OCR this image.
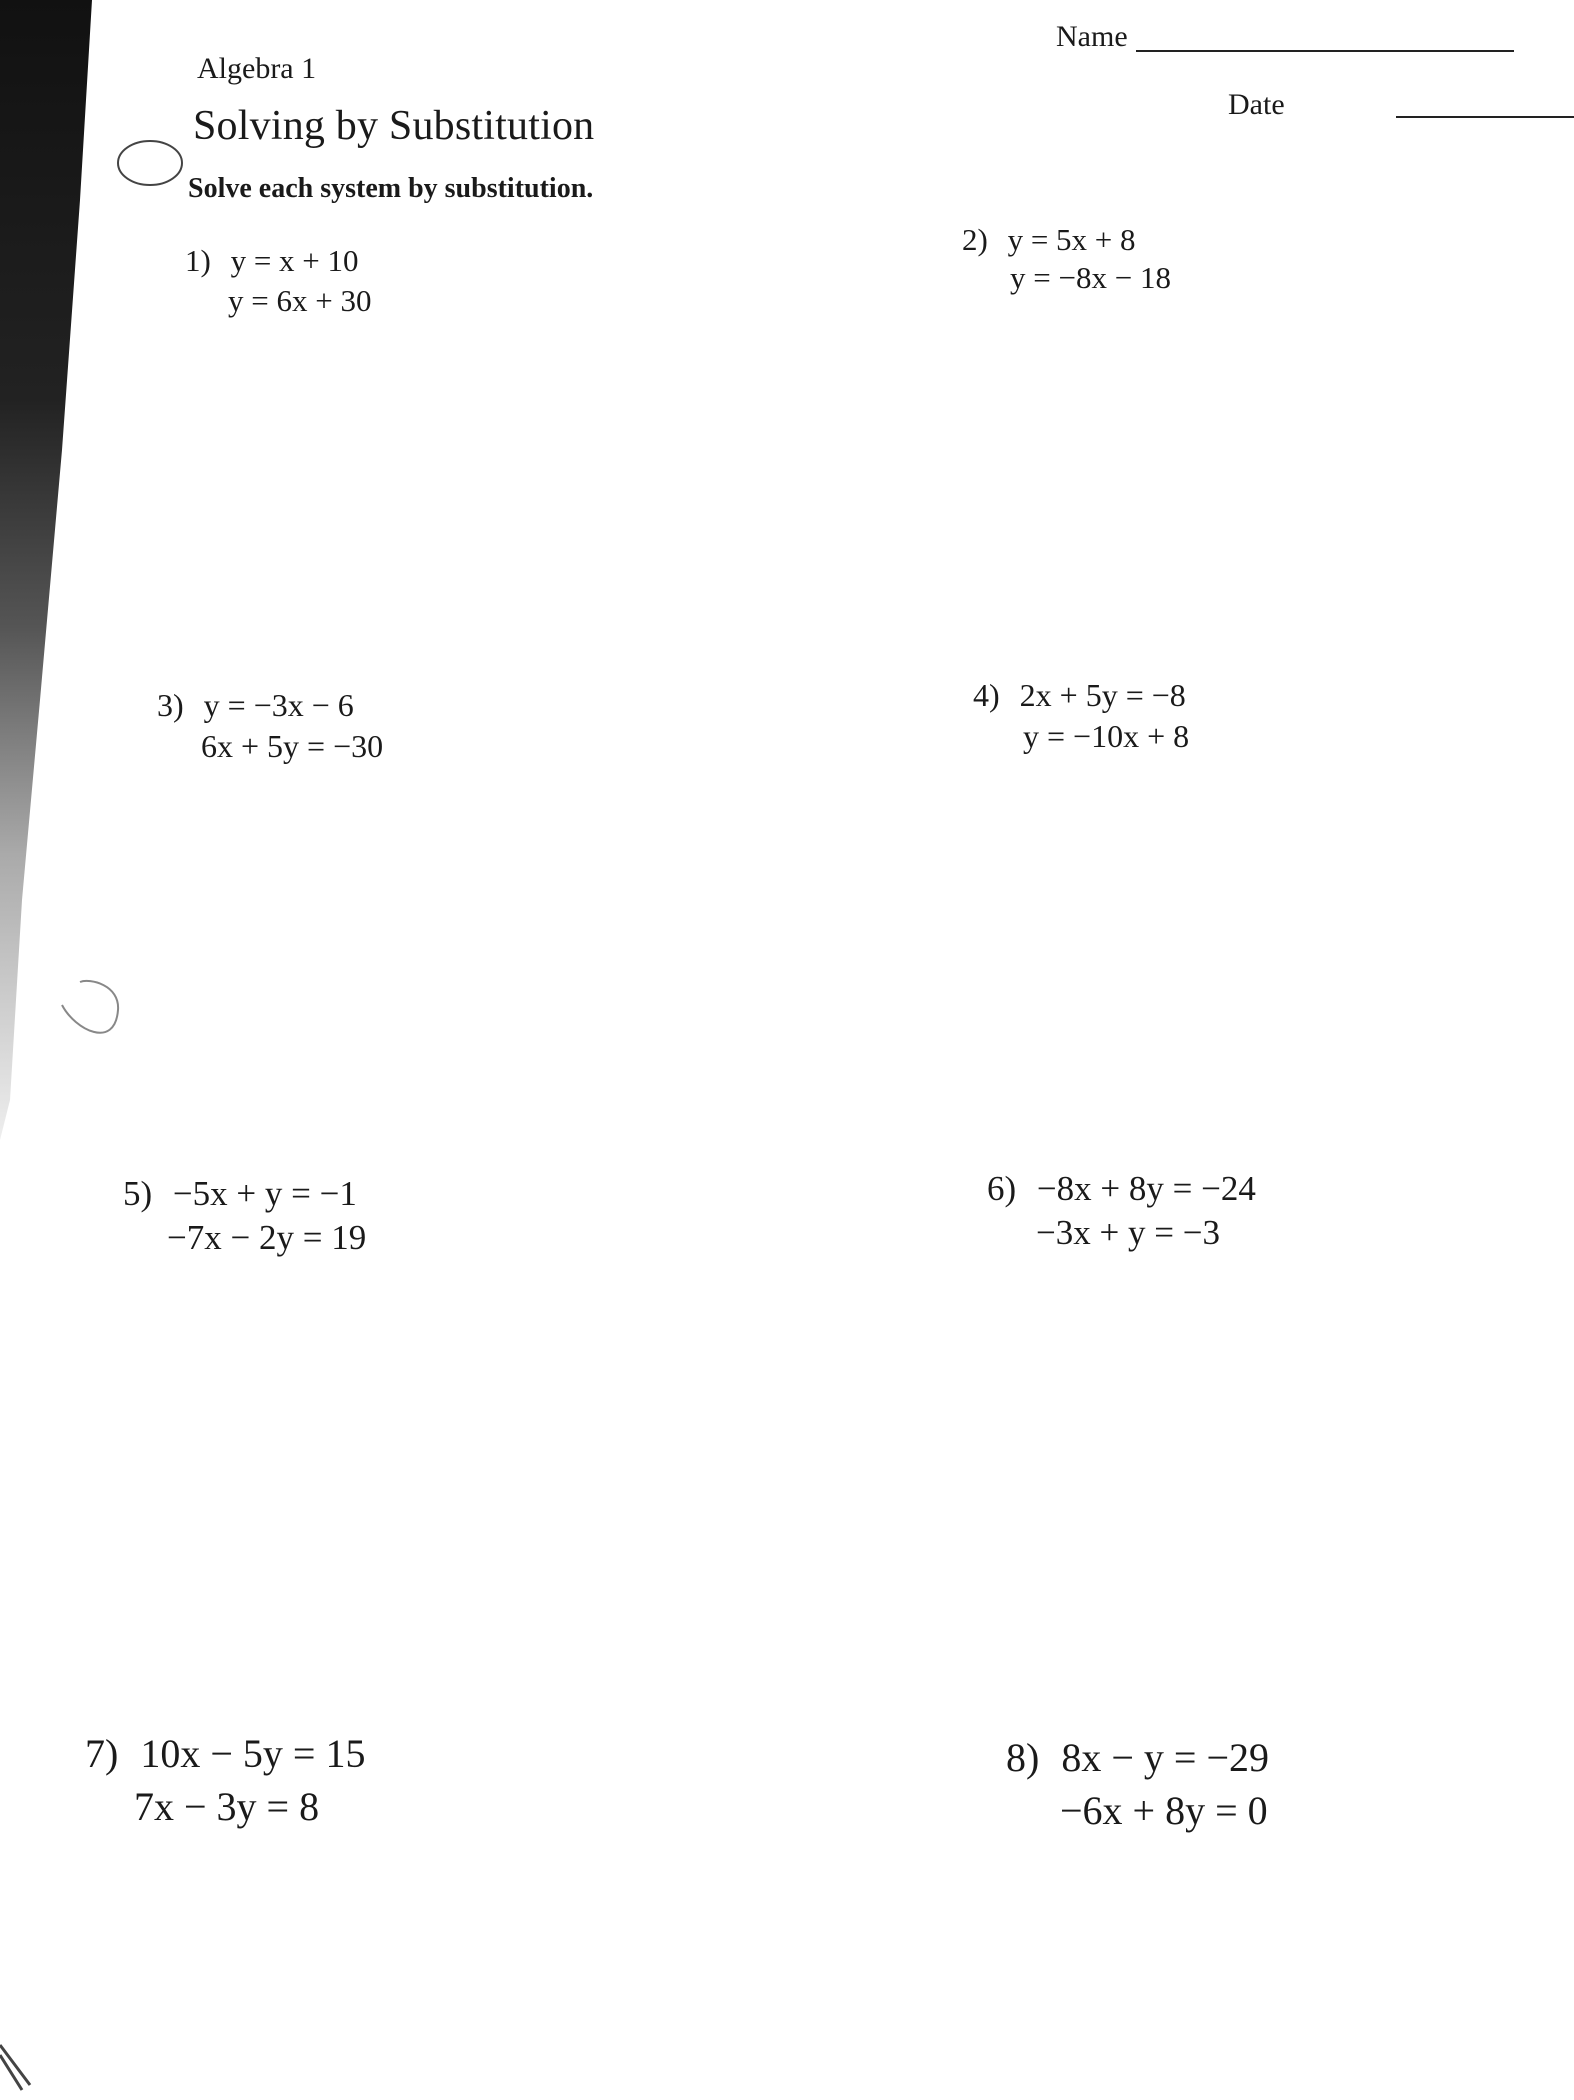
Algebra 1
Solving by Substitution
Solve each system by substitution.
Name
Date
1) y = x + 10
y = 6x + 30
2) y = 5x + 8
y = −8x − 18
3) y = −3x − 6
6x + 5y = −30
4) 2x + 5y = −8
y = −10x + 8
5) −5x + y = −1
−7x − 2y = 19
6) −8x + 8y = −24
−3x + y = −3
7) 10x − 5y = 15
7x − 3y = 8
8) 8x − y = −29
−6x + 8y = 0
